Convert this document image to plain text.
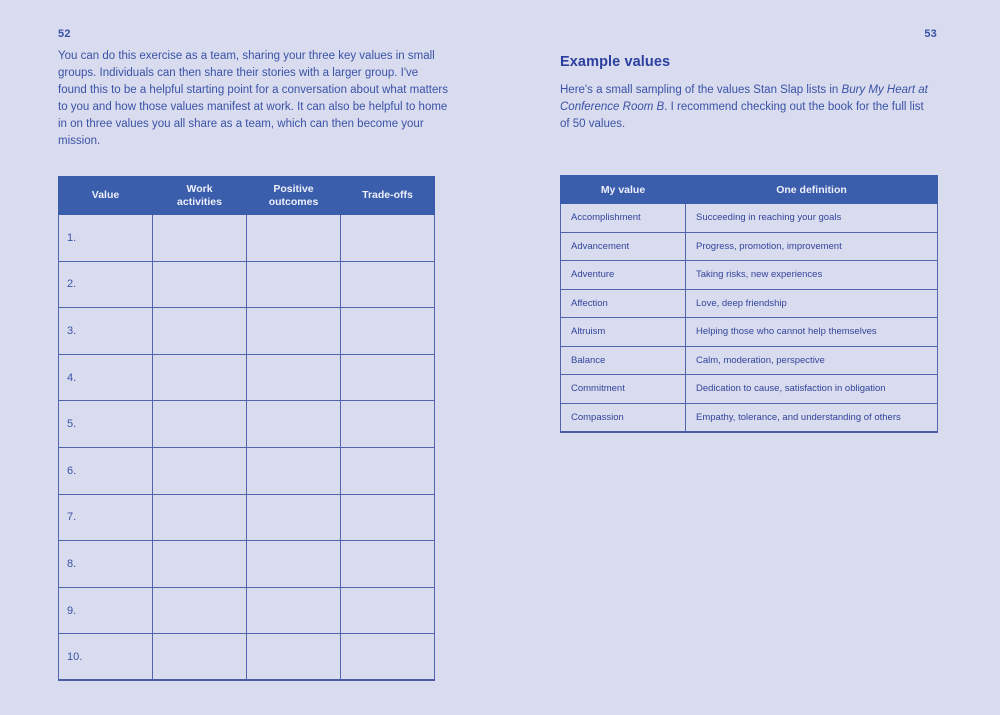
52

You can do this exercise as a team, sharing your three key values in small groups. Individuals can then share their stories with a larger group. I've found this to be a helpful starting point for a conversation about what matters to you and how those values manifest at work. It can also be helpful to home in on three values you all share as a team, which can then become your mission.

Value	Work activities	Positive outcomes	Trade-offs
1.			
2.			
3.			
4.			
5.			
6.			
7.			
8.			
9.			
10.			
53
Example values

Here's a small sampling of the values Stan Slap lists in Bury My Heart at Conference Room B. I recommend checking out the book for the full list of 50 values.

My value	One definition
Accomplishment	Succeeding in reaching your goals
Advancement	Progress, promotion, improvement
Adventure	Taking risks, new experiences
Affection	Love, deep friendship
Altruism	Helping those who cannot help themselves
Balance	Calm, moderation, perspective
Commitment	Dedication to cause, satisfaction in obligation
Compassion	Empathy, tolerance, and understanding of others
